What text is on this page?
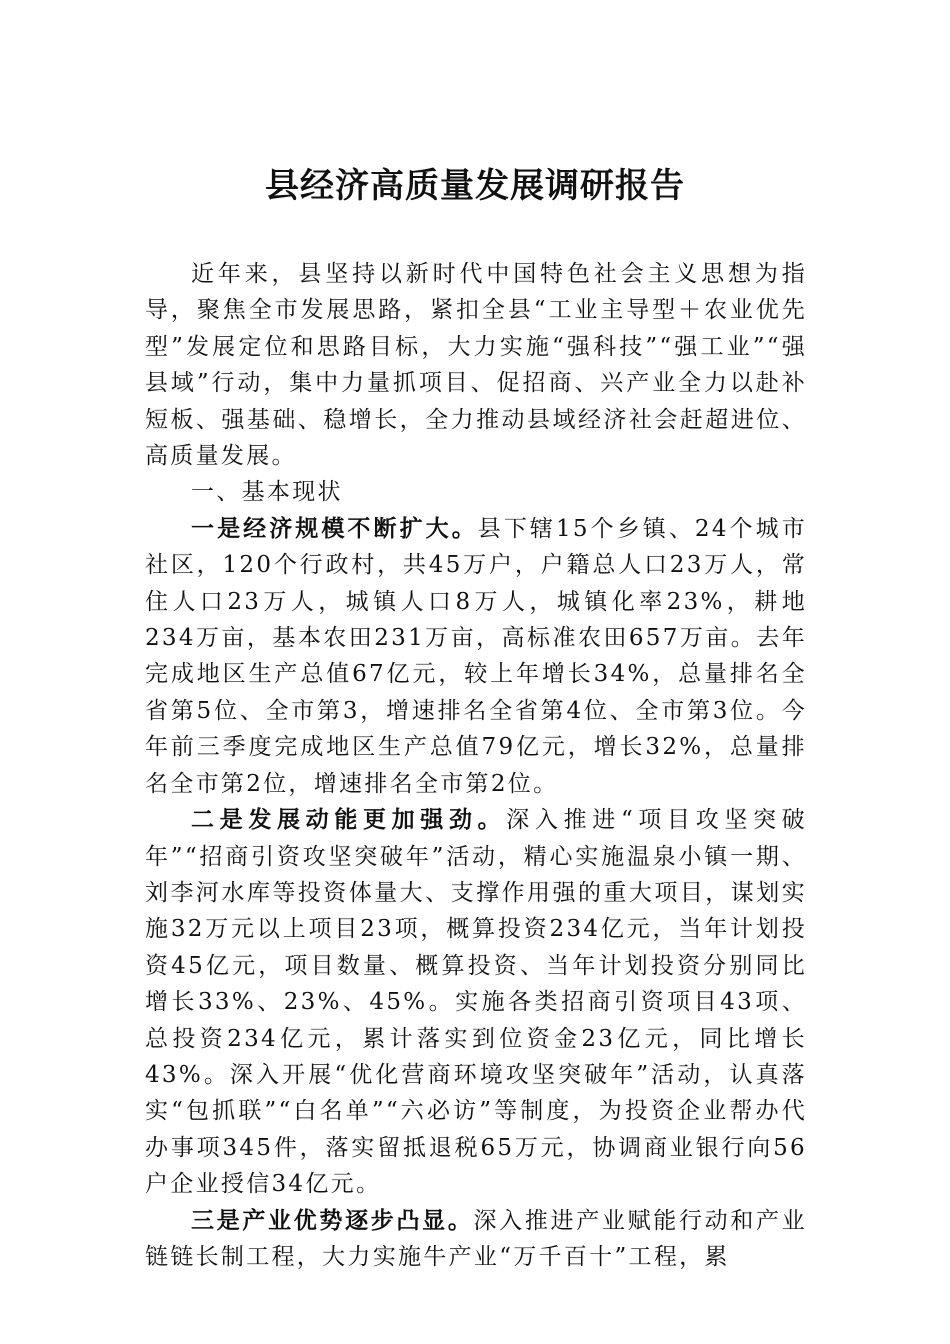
县经济高质量发展调研报告

近年来，县坚持以新时代中国特色社会主义思想为指导，聚焦全市发展思路，紧扣全县“工业主导型＋农业优先型”发展定位和思路目标，大力实施“强科技”“强工业”“强县域”行动，集中力量抓项目、促招商、兴产业全力以赴补短板、强基础、稳增长，全力推动县域经济社会赶超进位、高质量发展。

一、基本现状

一是经济规模不断扩大。县下辖15个乡镇、24个城市社区，120个行政村，共45万户，户籍总人口23万人，常住人口23万人，城镇人口8万人，城镇化率23%，耕地234万亩，基本农田231万亩，高标准农田657万亩。去年完成地区生产总值67亿元，较上年增长34%，总量排名全省第5位、全市第3，增速排名全省第4位、全市第3位。今年前三季度完成地区生产总值79亿元，增长32%，总量排名全市第2位，增速排名全市第2位。

二是发展动能更加强劲。深入推进“项目攻坚突破年”“招商引资攻坚突破年”活动，精心实施温泉小镇一期、刘李河水库等投资体量大、支撑作用强的重大项目，谋划实施32万元以上项目23项，概算投资234亿元，当年计划投资45亿元，项目数量、概算投资、当年计划投资分别同比增长33%、23%、45%。实施各类招商引资项目43项、总投资234亿元，累计落实到位资金23亿元，同比增长43%。深入开展“优化营商环境攻坚突破年”活动，认真落实“包抓联”“白名单”“六必访”等制度，为投资企业帮办代办事项345件，落实留抵退税65万元，协调商业银行向56户企业授信34亿元。

三是产业优势逐步凸显。深入推进产业赋能行动和产业链链长制工程，大力实施牛产业“万千百十”工程，累
